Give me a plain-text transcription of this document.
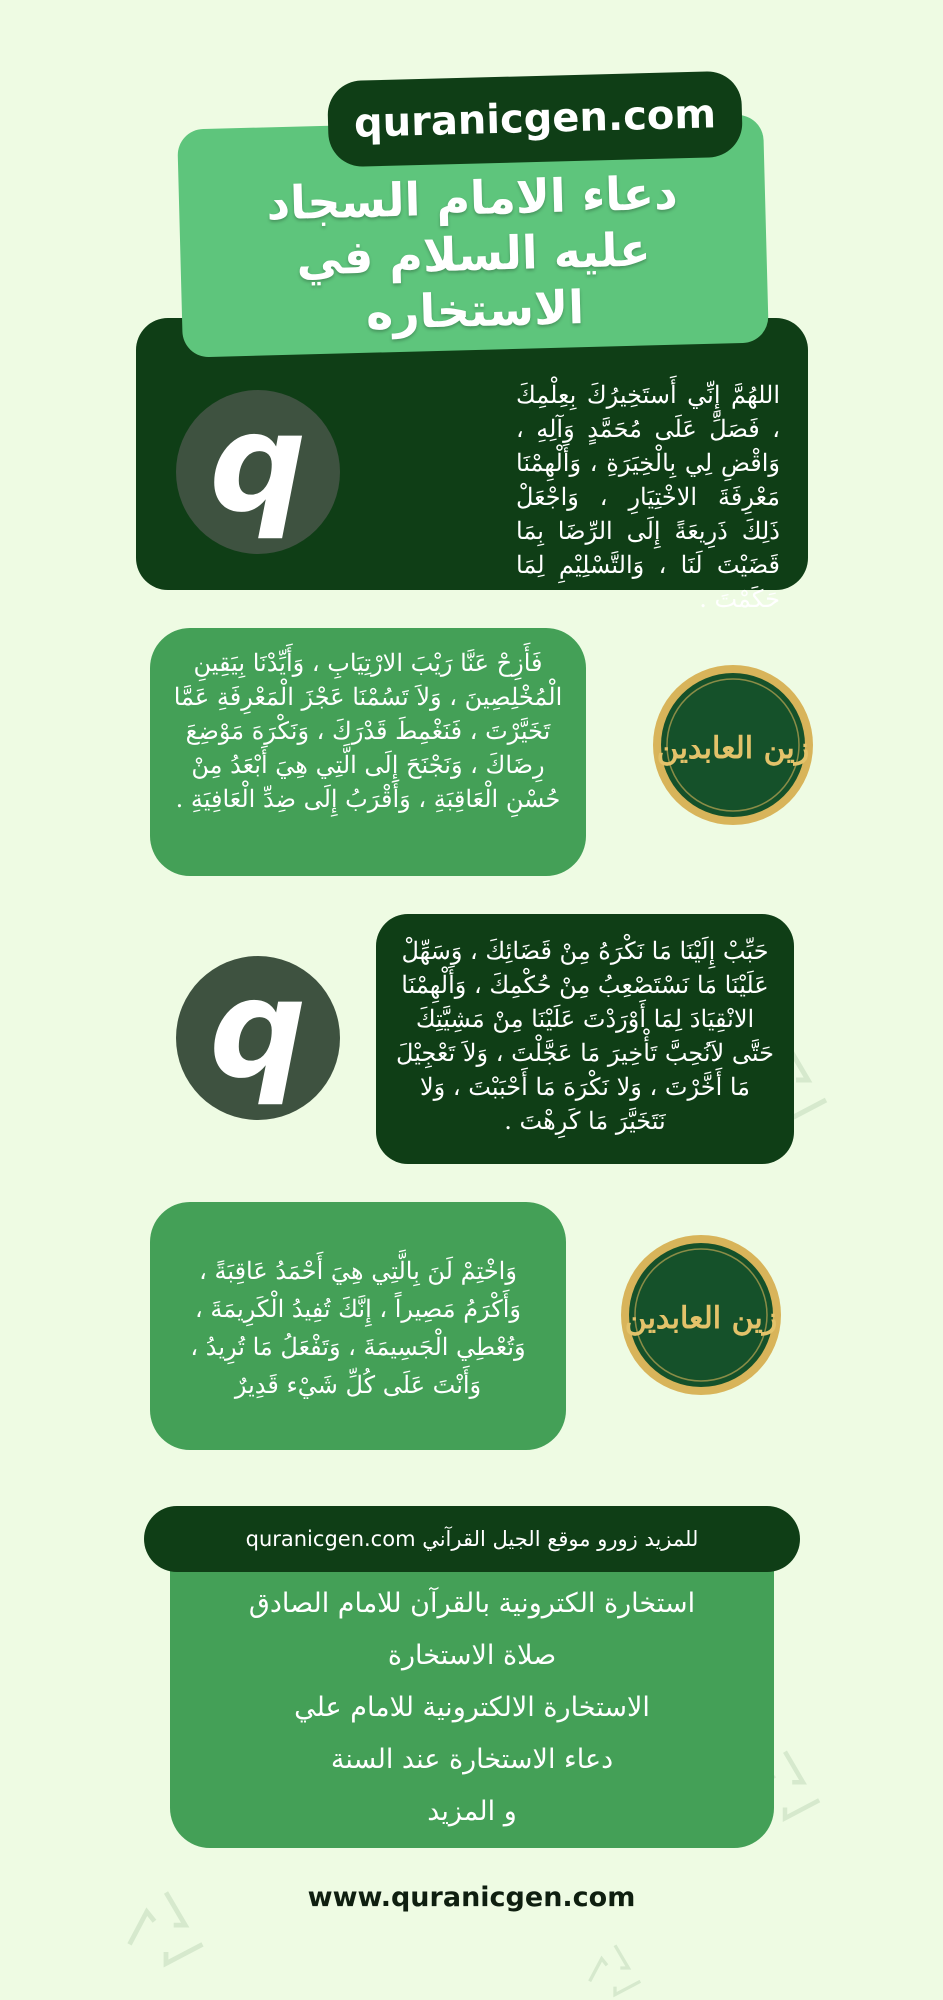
quranicgen.com
دعاء الامام السجاد عليه السلام في الاستخاره
اللهُمَّ إِنِّي أَستَخِيرُكَ بِعِلْمِكَ ، فَصَلِّ عَلَى مُحَمَّدٍ وَآلِهِ ، وَاقْضِ لِي بِالْخِيَرَةِ ، وَأَلْهِمْنَا مَعْرِفَةَ الاخْتِيَارِ ، وَاجْعَلْ ذَلِكَ ذَرِيعَةً إِلَى الرِّضَا بِمَا قَضَيْتَ لَنَا ، وَالتَّسْلِيْمِ لِمَا حَكَمْتَ .
q
فَأَزِحْ عَنَّا رَيْبَ الارْتِيَابِ ، وَأَيِّدْنَا بِيَقِينِ الْمُخْلِصِينَ ، وَلاَ تَسُمْنَا عَجْزَ الْمَعْرِفَةِ عَمَّا تَخَيَّرْتَ ، فَنَغْمِطَ قَدْرَكَ ، وَنَكْرَهَ مَوْضِعَ رِضَاكَ ، وَنَجْنَحَ إِلَى الَّتِي هِيَ أَبْعَدُ مِنْ حُسْنِ الْعَاقِبَةِ ، وَأَقْرَبُ إِلَى ضِدِّ الْعَافِيَةِ .
زين العابدين
حَبِّبْ إِلَيْنَا مَا نَكْرَهُ مِنْ قَضَائِكَ ، وَسَهِّلْ عَلَيْنَا مَا نَسْتَصْعِبُ مِنْ حُكْمِكَ ، وَأَلْهِمْنَا الانْقِيَادَ لِمَا أَوْرَدْتَ عَلَيْنَا مِنْ مَشِيَّتِكَ حَتَّى لاَنُحِبَّ تَأْخِيرَ مَا عَجَّلْتَ ، وَلاَ تَعْجِيْلَ مَا أَخَّرْتَ ، وَلا نَكْرَهَ مَا أَحْبَبْتَ ، وَلا نَتَخَيَّرَ مَا كَرِهْتَ .
q
وَاخْتِمْ لَنَ بِالَّتِي هِيَ أَحْمَدُ عَاقِبَةً ، وَأَكْرَمُ مَصِيراً ، إِنَّكَ تُفِيدُ الْكَرِيمَةَ ، وَتُعْطِي الْجَسِيمَةَ ، وَتَفْعَلُ مَا تُرِيدُ ، وَأَنْتَ عَلَى كُلِّ شَيْء قَدِيرٌ
زين العابدين
للمزيد زورو موقع الجيل القرآني quranicgen.com
استخارة الكترونية بالقرآن للامام الصادق
صلاة الاستخارة
الاستخارة الالكترونية للامام علي
دعاء الاستخارة عند السنة
و المزيد
www.quranicgen.com
